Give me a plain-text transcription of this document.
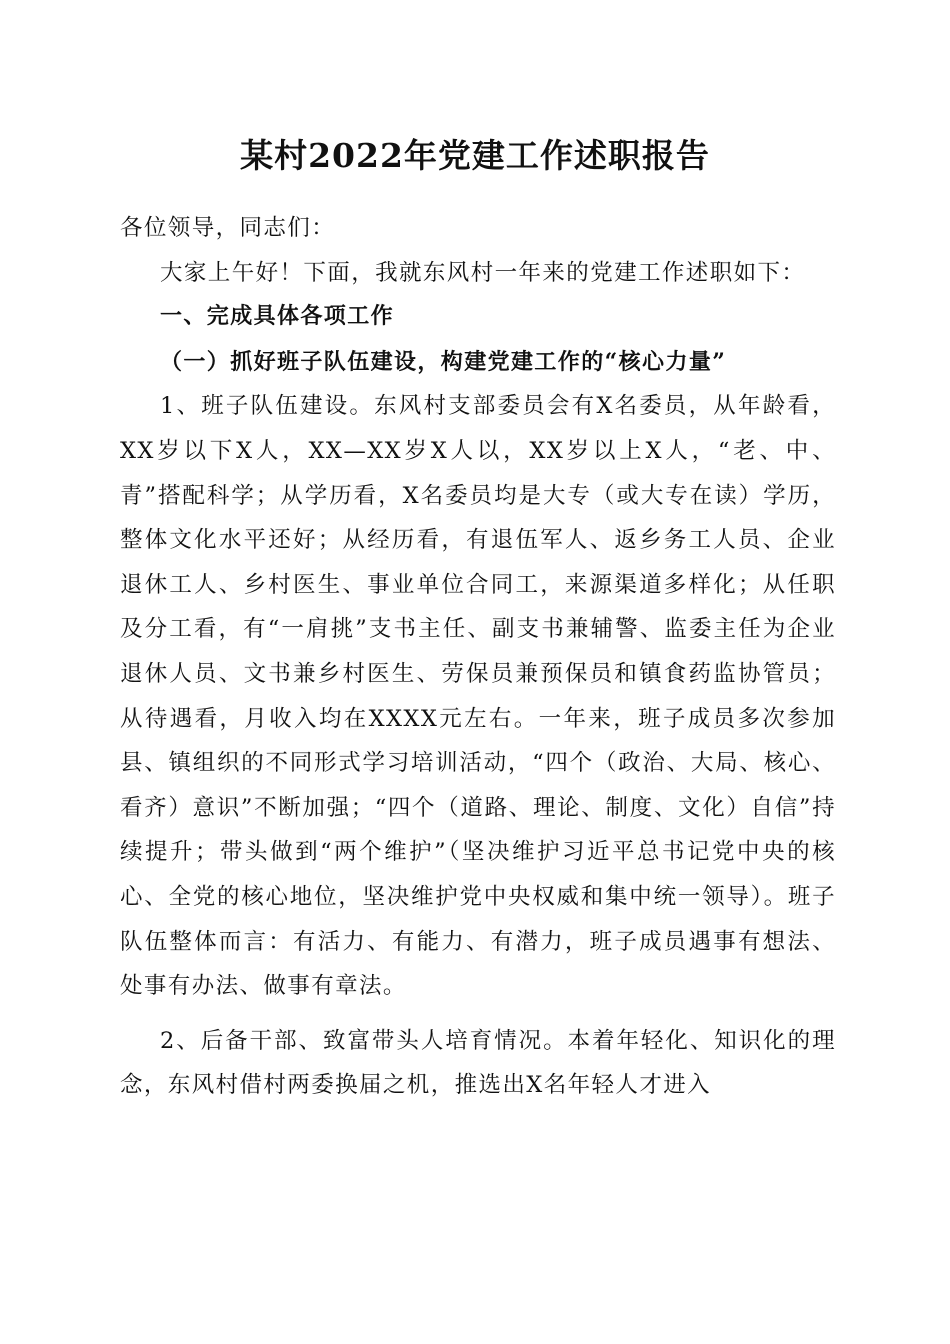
某村2022年党建工作述职报告

各位领导，同志们：

大家上午好！下面，我就东风村一年来的党建工作述职如下：

一、完成具体各项工作

（一）抓好班子队伍建设，构建党建工作的“核心力量”

1、班子队伍建设。东风村支部委员会有X名委员，从年龄看，XX岁以下X人，XX—XX岁X人以，XX岁以上X人，“老、中、青”搭配科学；从学历看，X名委员均是大专（或大专在读）学历，整体文化水平还好；从经历看，有退伍军人、返乡务工人员、企业退休工人、乡村医生、事业单位合同工，来源渠道多样化；从任职及分工看，有“一肩挑”支书主任、副支书兼辅警、监委主任为企业退休人员、文书兼乡村医生、劳保员兼预保员和镇食药监协管员；从待遇看，月收入均在XXXX元左右。一年来，班子成员多次参加县、镇组织的不同形式学习培训活动，“四个（政治、大局、核心、看齐）意识”不断加强；“四个（道路、理论、制度、文化）自信”持续提升；带头做到“两个维护”（坚决维护习近平总书记党中央的核心、全党的核心地位，坚决维护党中央权威和集中统一领导）。班子队伍整体而言：有活力、有能力、有潜力，班子成员遇事有想法、处事有办法、做事有章法。

2、后备干部、致富带头人培育情况。本着年轻化、知识化的理念，东风村借村两委换届之机，推选出X名年轻人才进入
